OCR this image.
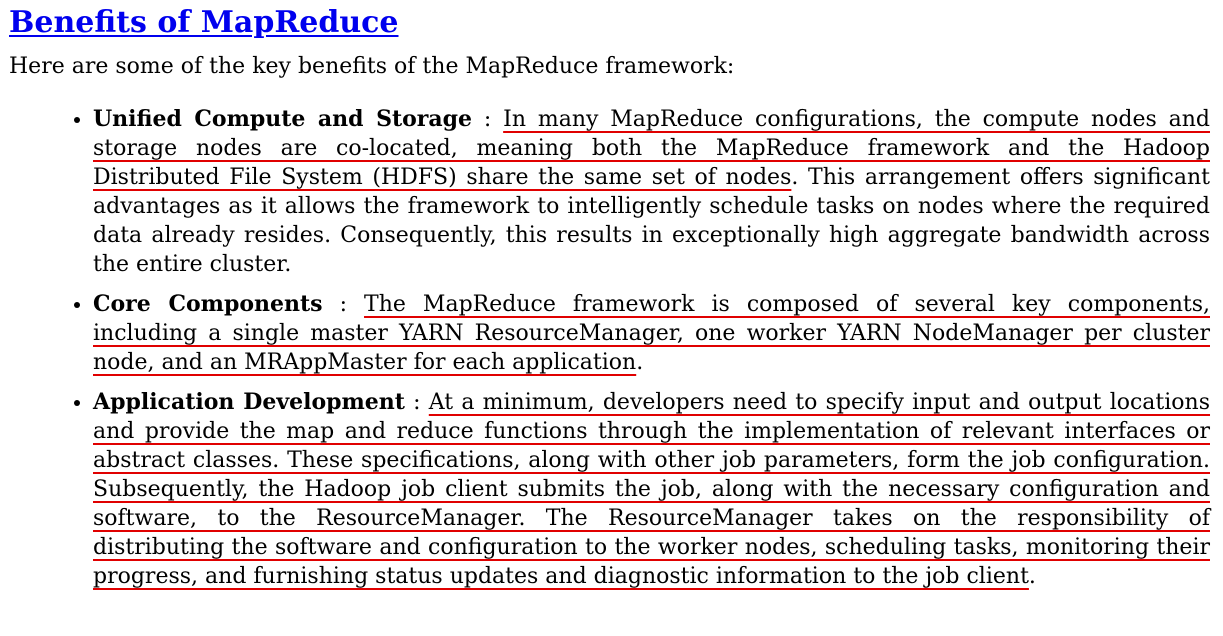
Benefits of MapReduce

Here are some of the key benefits of the MapReduce framework:

• Unified Compute and Storage : In many MapReduce configurations, the compute nodes and storage nodes are co-located, meaning both the MapReduce framework and the Hadoop Distributed File System (HDFS) share the same set of nodes. This arrangement offers significant advantages as it allows the framework to intelligently schedule tasks on nodes where the required data already resides. Consequently, this results in exceptionally high aggregate bandwidth across the entire cluster.
• Core Components : The MapReduce framework is composed of several key components, including a single master YARN ResourceManager, one worker YARN NodeManager per cluster node, and an MRAppMaster for each application.
• Application Development : At a minimum, developers need to specify input and output locations and provide the map and reduce functions through the implementation of relevant interfaces or abstract classes. These specifications, along with other job parameters, form the job configuration. Subsequently, the Hadoop job client submits the job, along with the necessary configuration and software, to the ResourceManager. The ResourceManager takes on the responsibility of distributing the software and configuration to the worker nodes, scheduling tasks, monitoring their progress, and furnishing status updates and diagnostic information to the job client.
